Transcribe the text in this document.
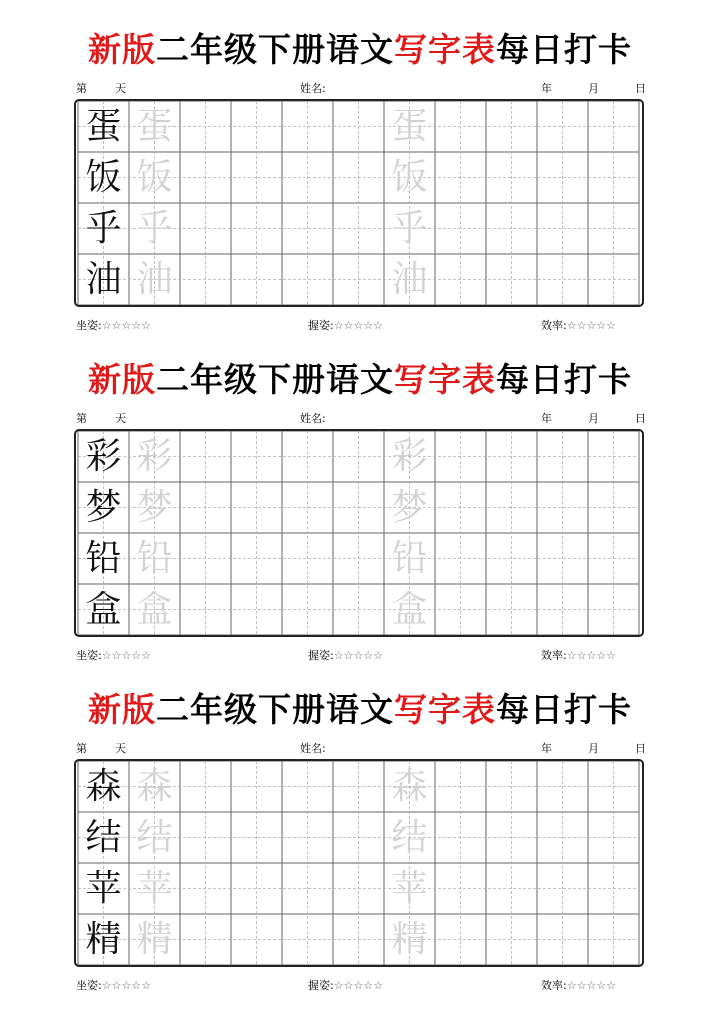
新版二年级下册语文写字表每日打卡
第	天	姓名:	年	月	日
蛋 蛋	蛋
饭 饭	饭
乎 乎	乎
油 油	油
坐姿:☆☆☆☆☆	握姿:☆☆☆☆☆	效率:☆☆☆☆☆
新版二年级下册语文写字表每日打卡
第	天	姓名:	年	月	日
彩 彩	彩
梦 梦	梦
铅 铅	铅
盒 盒	盒
坐姿:☆☆☆☆☆	握姿:☆☆☆☆☆	效率:☆☆☆☆☆
新版二年级下册语文写字表每日打卡
第	天	姓名:	年	月	日
森 森	森
结 结	结
苹 苹	苹
精 精	精
坐姿:☆☆☆☆☆	握姿:☆☆☆☆☆	效率:☆☆☆☆☆
